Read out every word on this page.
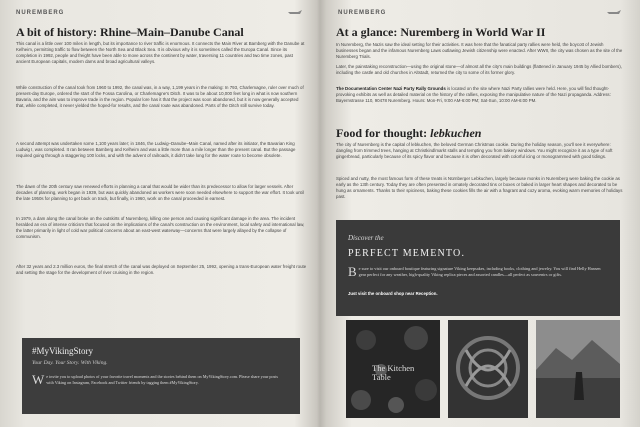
NUREMBERG
A bit of history: Rhine–Main–Danube Canal

This canal is a little over 100 miles in length, but its importance to river traffic is enormous. It connects the Main River at Bamberg with the Danube at Kelheim, permitting traffic to flow between the North Sea and Black Sea. It is obvious why it is sometimes called the Europa Canal. Since its completion in 1992, people and freight have been able to move across the continent by water, traversing 11 countries and two time zones, past ancient European capitals, modern dams and broad agricultural valleys.

While construction of the canal took from 1960 to 1992, the canal was, in a way, 1,199 years in the making: In 793, Charlemagne, ruler over much of present-day Europe, ordered the start of the Fossa Carolina, or Charlemagne's Ditch. It was to be about 10,000 feet long in what is now southern Bavaria, and the aim was to improve trade in the region. Popular lore has it that the project was soon abandoned, but it is now generally accepted that, while completed, it never yielded the hoped-for results, and the canal route was abandoned. Parts of the Ditch still survive today.

A second attempt was undertaken some 1,100 years later; in 1846, the Ludwig–Danube–Main Canal, named after its initiator, the Bavarian King Ludwig I, was completed. It ran between Bamberg and Kelheim and was a little more than a mile longer than the present canal. But the passage required going through a staggering 100 locks, and with the advent of railroads, it didn't take long for the water route to become obsolete.

The dawn of the 20th century saw renewed efforts in planning a canal that would be wider than its predecessor to allow for larger vessels. After decades of planning, work began in 1939, but was quickly abandoned as workers were soon needed elsewhere to support the war effort. It took until the late 1950s for planning to get back on track, but finally, in 1960, work on the canal proceeded in earnest.

In 1979, a dam along the canal broke on the outskirts of Nuremberg, killing one person and causing significant damage in the area. The incident heralded an era of intense criticism that focused on the implications of the canal's construction on the environment, local safety and international law, the latter primarily in light of cold war political concerns about an east-west waterway—concerns that were largely allayed by the collapse of communism.

After 32 years and 2.3 million euros, the final stretch of the canal was deployed on September 25, 1992, opening a trans-European water freight route and setting the stage for the development of river cruising in the region.

#MyVikingStory
Your Day. Your Story. With Viking.
W e invite you to upload photos of your favorite travel moments and the stories behind them on MyVikingStory.com. Please share your posts with Viking on Instagram, Facebook and Twitter friends by tagging them #MyVikingStory.
NUREMBERG
At a glance: Nuremberg in World War II

In Nuremberg, the Nazis saw the ideal setting for their activities. It was here that the fanatical party rallies were held, the boycott of Jewish businesses began and the infamous Nuremberg Laws outlawing Jewish citizenship were enacted. After WWII, the city was chosen as the site of the Nuremberg Trials.

Later, the painstaking reconstruction—using the original stone—of almost all the city's main buildings (flattened in January 1945 by Allied bombers), including the castle and old churches in Altstadt, returned the city to some of its former glory.

The Documentation Center Nazi Party Rally Grounds is located on the site where Nazi Party rallies were held. Here, you will find thought-provoking exhibits as well as detailed material on the history of the rallies, exposing the manipulative nature of the Nazi propaganda. Address: Bayernstrasse 110, 90478 Nuremberg. Hours: Mon-Fri, 9:00 AM-6:00 PM; Sat-Sun, 10:00 AM-6:00 PM.

Food for thought: lebkuchen

The city of Nuremberg is the capital of lebkuchen, the beloved German Christmas cookie. During the holiday season, you'll see it everywhere: dangling from trimmed trees, hanging at Christkindlmarkt stalls and tempting you from bakery windows. You might recognize it as a type of soft gingerbread, particularly because of its spicy flavor and because it is often decorated with colorful icing or monogrammed with good tidings.

Spiced and nutty, the most famous form of these treats is Nürnberger Lebkuchen, largely because monks in Nuremberg were baking the cookie as early as the 13th century. Today they are often presented in ornately decorated tins or boxes or baked in larger heart shapes and decorated to be hung as ornaments. Thanks to their spiciness, baking these cookies fills the air with a fragrant and cozy aroma, evoking warm memories of holidays past.

Discover the
PERFECT MEMENTO.
B e sure to visit our onboard boutique featuring signature Viking keepsakes, including books, clothing and jewelry. You will find Helly Hansen gear perfect for any weather, high-quality Viking replica pieces and assorted candles—all perfect as souvenirs or gifts.
Just visit the onboard shop near Reception.
The Kitchen Table
